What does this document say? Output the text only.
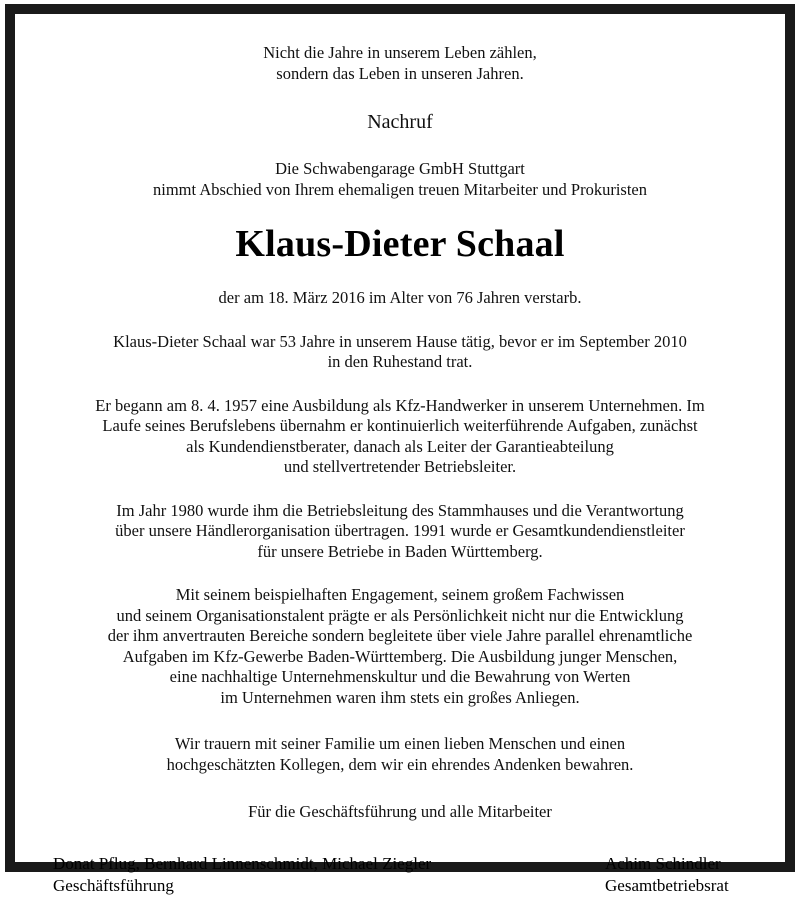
Nicht die Jahre in unserem Leben zählen,
sondern das Leben in unseren Jahren.
Nachruf
Die Schwabengarage GmbH Stuttgart
nimmt Abschied von Ihrem ehemaligen treuen Mitarbeiter und Prokuristen
Klaus-Dieter Schaal
der am 18. März 2016 im Alter von 76 Jahren verstarb.
Klaus-Dieter Schaal war 53 Jahre in unserem Hause tätig, bevor er im September 2010
in den Ruhestand trat.
Er begann am 8. 4. 1957 eine Ausbildung als Kfz-Handwerker in unserem Unternehmen. Im
Laufe seines Berufslebens übernahm er kontinuierlich weiterführende Aufgaben, zunächst
als Kundendienstberater, danach als Leiter der Garantieabteilung
und stellvertretender Betriebsleiter.
Im Jahr 1980 wurde ihm die Betriebsleitung des Stammhauses und die Verantwortung
über unsere Händlerorganisation übertragen. 1991 wurde er Gesamtkundendienstleiter
für unsere Betriebe in Baden Württemberg.
Mit seinem beispielhaften Engagement, seinem großem Fachwissen
und seinem Organisationstalent prägte er als Persönlichkeit nicht nur die Entwicklung
der ihm anvertrauten Bereiche sondern begleitete über viele Jahre parallel ehrenamtliche
Aufgaben im Kfz-Gewerbe Baden-Württemberg. Die Ausbildung junger Menschen,
eine nachhaltige Unternehmenskultur und die Bewahrung von Werten
im Unternehmen waren ihm stets ein großes Anliegen.
Wir trauern mit seiner Familie um einen lieben Menschen und einen
hochgeschätzten Kollegen, dem wir ein ehrendes Andenken bewahren.
Für die Geschäftsführung und alle Mitarbeiter
Donat Pflug, Bernhard Linnenschmidt, Michael Ziegler
Geschäftsführung
Achim Schindler
Gesamtbetriebsrat
